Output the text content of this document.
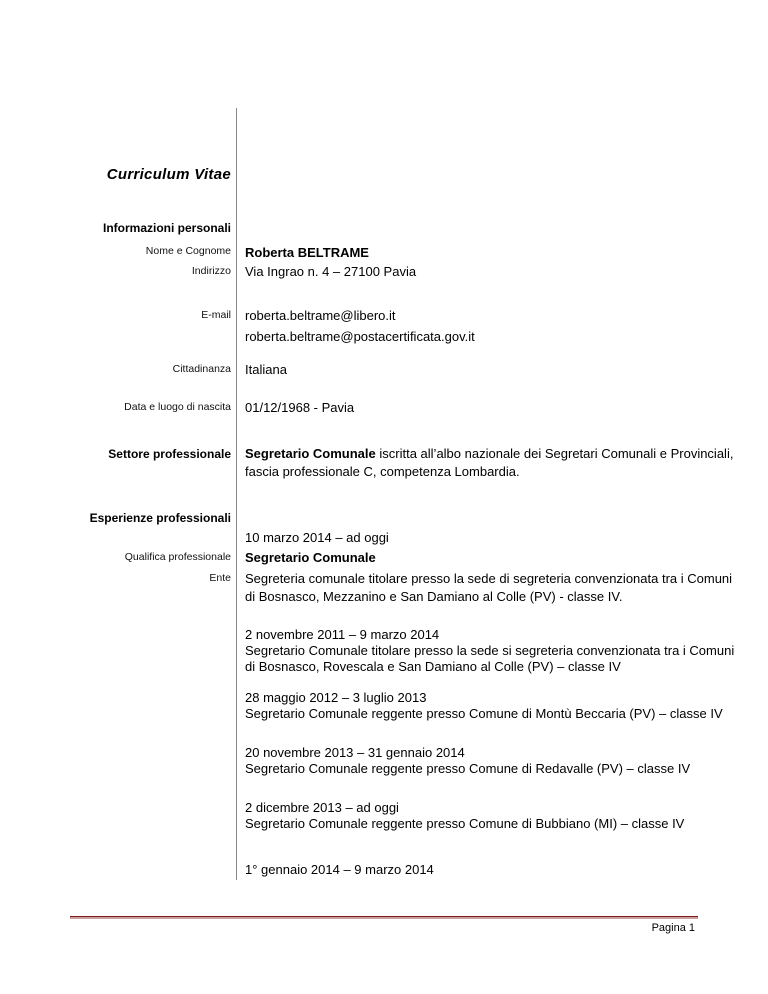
Curriculum Vitae
Informazioni personali
Nome e Cognome Roberta BELTRAME
Indirizzo Via Ingrao n. 4 – 27100 Pavia
E-mail roberta.beltrame@libero.it
roberta.beltrame@postacertificata.gov.it
Cittadinanza Italiana
Data e luogo di nascita 01/12/1968 - Pavia
Settore professionale Segretario Comunale iscritta all’albo nazionale dei Segretari Comunali e Provinciali,
fascia professionale C, competenza Lombardia.
Esperienze professionali
10 marzo 2014 – ad oggi
Qualifica professionale Segretario Comunale
Ente Segreteria comunale titolare presso la sede di segreteria convenzionata tra i Comuni
di Bosnasco, Mezzanino e San Damiano al Colle (PV) - classe IV.
2 novembre 2011 – 9 marzo 2014
Segretario Comunale titolare presso la sede si segreteria convenzionata tra i Comuni
di Bosnasco, Rovescala e San Damiano al Colle (PV) – classe IV
28 maggio 2012 – 3 luglio 2013
Segretario Comunale reggente presso Comune di Montù Beccaria (PV) – classe IV
20 novembre 2013 – 31 gennaio 2014
Segretario Comunale reggente presso Comune di Redavalle (PV) – classe IV
2 dicembre 2013 – ad oggi
Segretario Comunale reggente presso Comune di Bubbiano (MI) – classe IV
1° gennaio 2014 – 9 marzo 2014
Pagina 1
